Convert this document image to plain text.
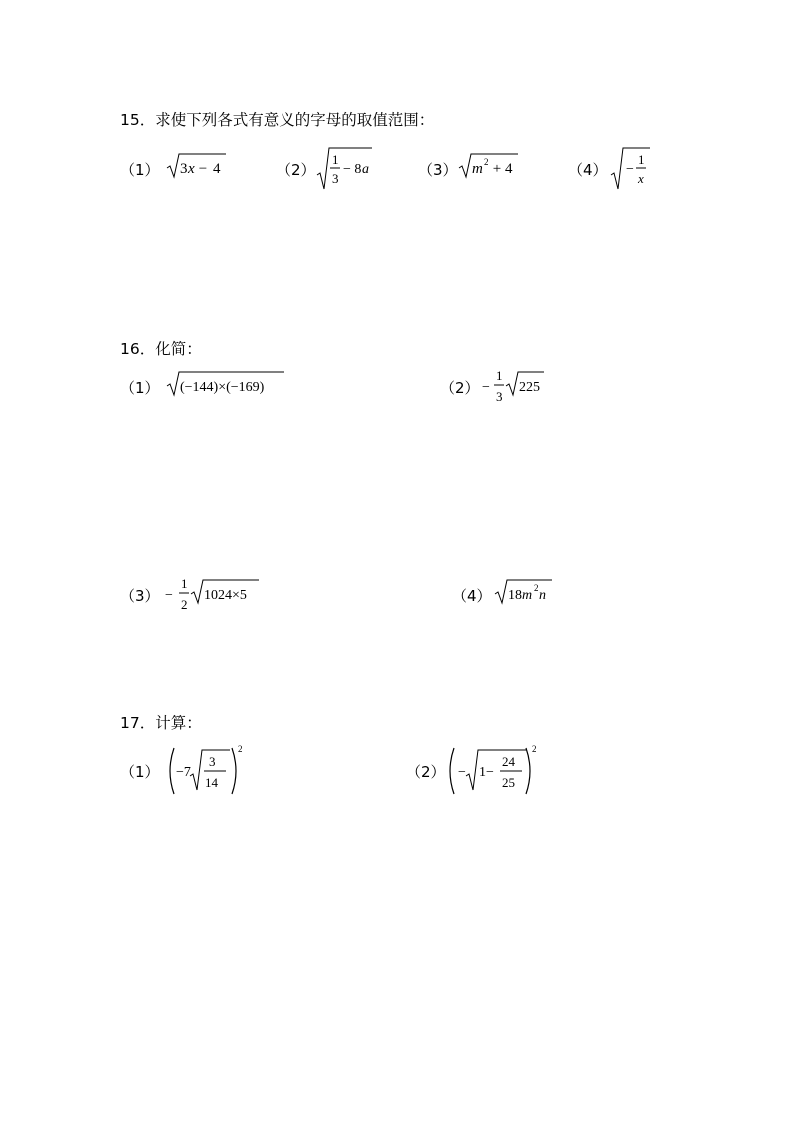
15．求使下列各式有意义的字母的取值范围：
（1） 3 x − 4	（2）
1
3
− 8 a	（3） m 2 + 4	（4） −
1
x
16．化简：
（1） (−144)×(−169)	（2） −
1
3
225
（3） −
1
2
1024×5	（4） 18 m 2 n
17．计算：
（1） −7
3
14
2
（2） − 1−
24
25
2
